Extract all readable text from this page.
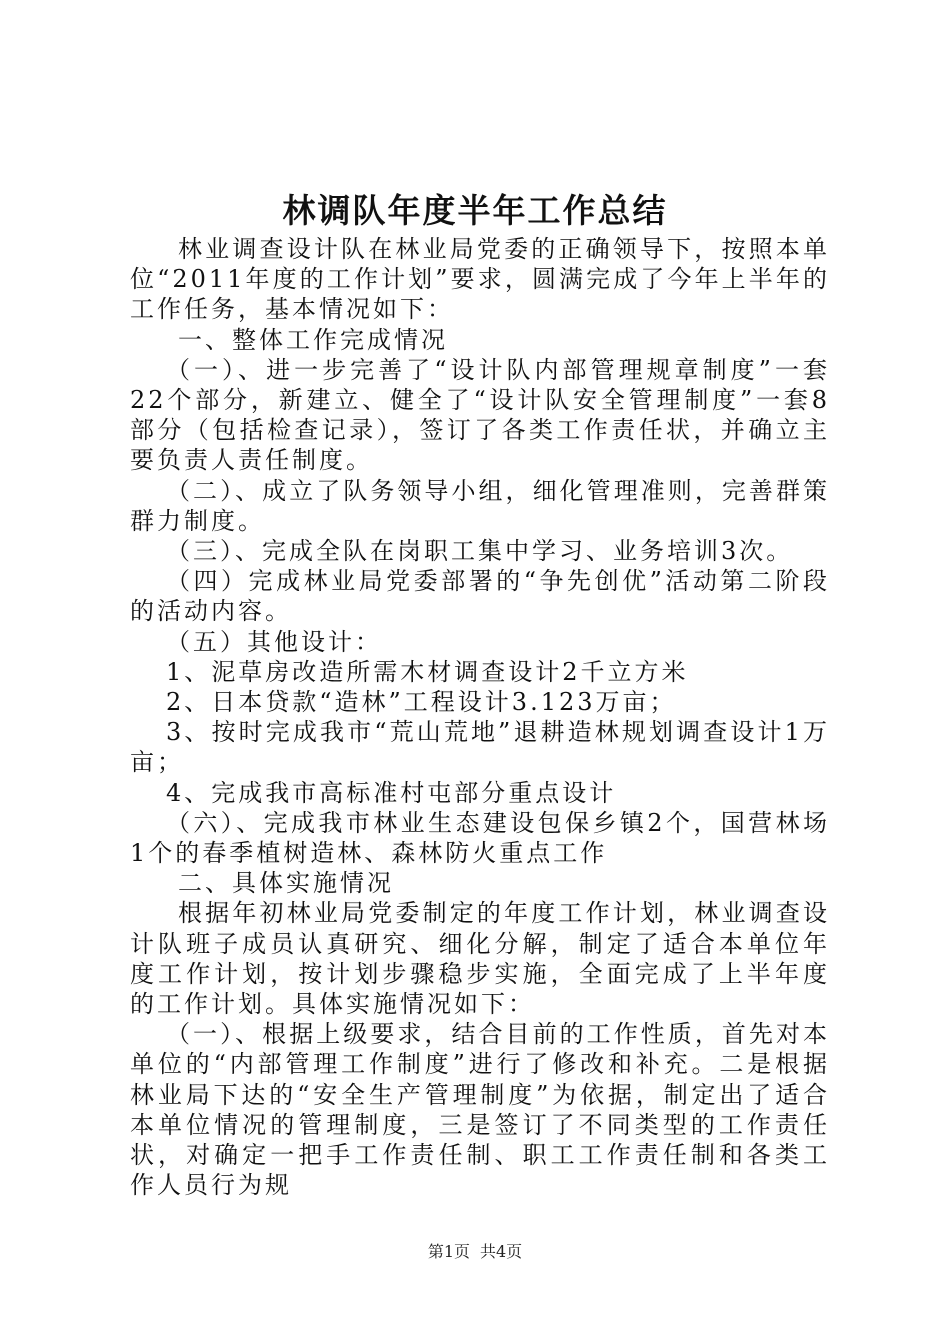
林调队年度半年工作总结

林业调查设计队在林业局党委的正确领导下，按照本单位“2011年度的工作计划”要求，圆满完成了今年上半年的工作任务，基本情况如下：

一、整体工作完成情况

（一）、进一步完善了“设计队内部管理规章制度”一套22个部分，新建立、健全了“设计队安全管理制度”一套8部分（包括检查记录），签订了各类工作责任状，并确立主要负责人责任制度。

（二）、成立了队务领导小组，细化管理准则，完善群策群力制度。

（三）、完成全队在岗职工集中学习、业务培训3次。

（四）完成林业局党委部署的“争先创优”活动第二阶段的活动内容。

（五）其他设计：

1、泥草房改造所需木材调查设计2千立方米

2、日本贷款“造林”工程设计3.123万亩；

3、按时完成我市“荒山荒地”退耕造林规划调查设计1万亩；

4、完成我市高标准村屯部分重点设计

（六）、完成我市林业生态建设包保乡镇2个，国营林场1个的春季植树造林、森林防火重点工作

二、具体实施情况

根据年初林业局党委制定的年度工作计划，林业调查设计队班子成员认真研究、细化分解，制定了适合本单位年度工作计划，按计划步骤稳步实施，全面完成了上半年度的工作计划。具体实施情况如下：

（一）、根据上级要求，结合目前的工作性质，首先对本单位的“内部管理工作制度”进行了修改和补充。二是根据林业局下达的“安全生产管理制度”为依据，制定出了适合本单位情况的管理制度，三是签订了不同类型的工作责任状，对确定一把手工作责任制、职工工作责任制和各类工作人员行为规

第1页 共4页
